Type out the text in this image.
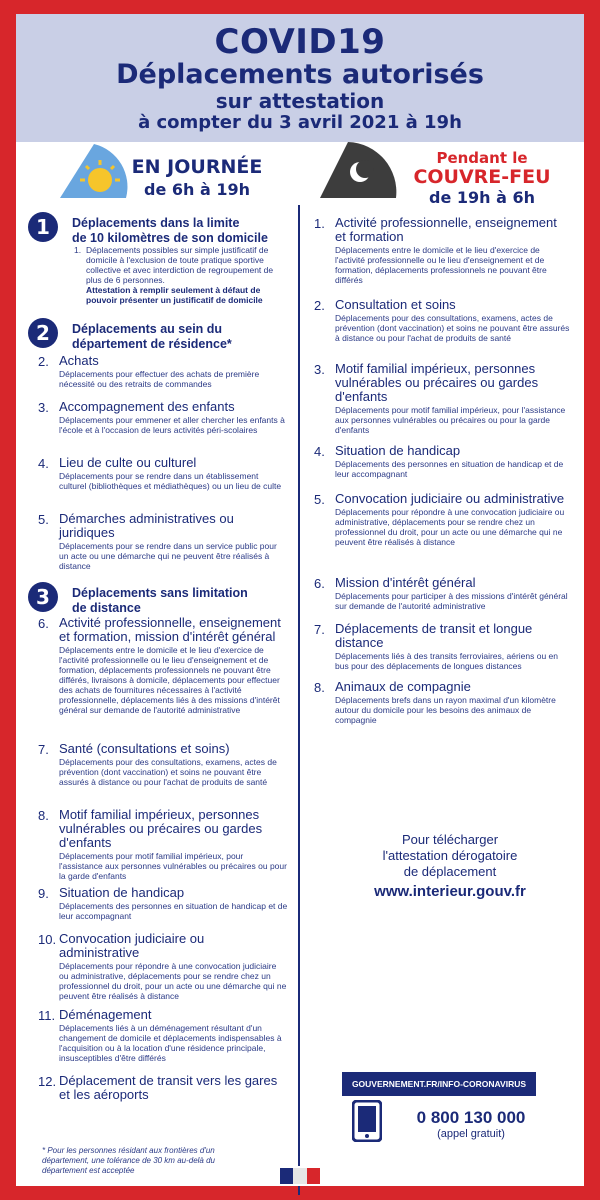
COVID19
Déplacements autorisés
sur attestation
à compter du 3 avril 2021 à 19h
EN JOURNÉE
de 6h à 19h
Pendant le
COUVRE-FEU
de 19h à 6h
1	Déplacements dans la limite
de 10 kilomètres de son domicile
1. Déplacements possibles sur simple justificatif de domicile à l'exclusion de toute pratique sportive collective et avec interdiction de regroupement de plus de 6 personnes.
Attestation à remplir seulement à défaut de pouvoir présenter un justificatif de domicile
2	Déplacements au sein du
département de résidence*
2. Achats
Déplacements pour effectuer des achats de première nécessité ou des retraits de commandes
3. Accompagnement des enfants
Déplacements pour emmener et aller chercher les enfants à l'école et à l'occasion de leurs activités péri-scolaires
4. Lieu de culte ou culturel
Déplacements pour se rendre dans un établissement culturel (bibliothèques et médiathèques) ou un lieu de culte
5. Démarches administratives ou juridiques
Déplacements pour se rendre dans un service public pour un acte ou une démarche qui ne peuvent être réalisés à distance
3	Déplacements sans limitation
de distance
6. Activité professionnelle, enseignement et formation, mission d'intérêt général
Déplacements entre le domicile et le lieu d'exercice de l'activité professionnelle ou le lieu d'enseignement et de formation, déplacements professionnels ne pouvant être différés, livraisons à domicile, déplacements pour effectuer des achats de fournitures nécessaires à l'activité professionnelle, déplacements liés à des missions d'intérêt général sur demande de l'autorité administrative
7. Santé (consultations et soins)
Déplacements pour des consultations, examens, actes de prévention (dont vaccination) et soins ne pouvant être assurés à distance ou pour l'achat de produits de santé
8. Motif familial impérieux, personnes vulnérables ou précaires ou gardes d'enfants
Déplacements pour motif familial impérieux, pour l'assistance aux personnes vulnérables ou précaires ou pour la garde d'enfants
9. Situation de handicap
Déplacements des personnes en situation de handicap et de leur accompagnant
10. Convocation judiciaire ou administrative
Déplacements pour répondre à une convocation judiciaire ou administrative, déplacements pour se rendre chez un professionnel du droit, pour un acte ou une démarche qui ne peuvent être réalisés à distance
11. Déménagement
Déplacements liés à un déménagement résultant d'un changement de domicile et déplacements indispensables à l'acquisition ou à la location d'une résidence principale, insusceptibles d'être différés
12. Déplacement de transit vers les gares et les aéroports
* Pour les personnes résidant aux frontières d'un département, une tolérance de 30 km au-delà du département est acceptée
1. Activité professionnelle, enseignement et formation
Déplacements entre le domicile et le lieu d'exercice de l'activité professionnelle ou le lieu d'enseignement et de formation, déplacements professionnels ne pouvant être différés
2. Consultation et soins
Déplacements pour des consultations, examens, actes de prévention (dont vaccination) et soins ne pouvant être assurés à distance ou pour l'achat de produits de santé
3. Motif familial impérieux, personnes vulnérables ou précaires ou gardes d'enfants
Déplacements pour motif familial impérieux, pour l'assistance aux personnes vulnérables ou précaires ou pour la garde d'enfants
4. Situation de handicap
Déplacements des personnes en situation de handicap et de leur accompagnant
5. Convocation judiciaire ou administrative
Déplacements pour répondre à une convocation judiciaire ou administrative, déplacements pour se rendre chez un professionnel du droit, pour un acte ou une démarche qui ne peuvent être réalisés à distance
6. Mission d'intérêt général
Déplacements pour participer à des missions d'intérêt général sur demande de l'autorité administrative
7. Déplacements de transit et longue distance
Déplacements liés à des transits ferroviaires, aériens ou en bus pour des déplacements de longues distances
8. Animaux de compagnie
Déplacements brefs dans un rayon maximal d'un kilomètre autour du domicile pour les besoins des animaux de compagnie
Pour télécharger
l'attestation dérogatoire
de déplacement
www.interieur.gouv.fr
GOUVERNEMENT.FR/INFO-CORONAVIRUS
0 800 130 000
(appel gratuit)
